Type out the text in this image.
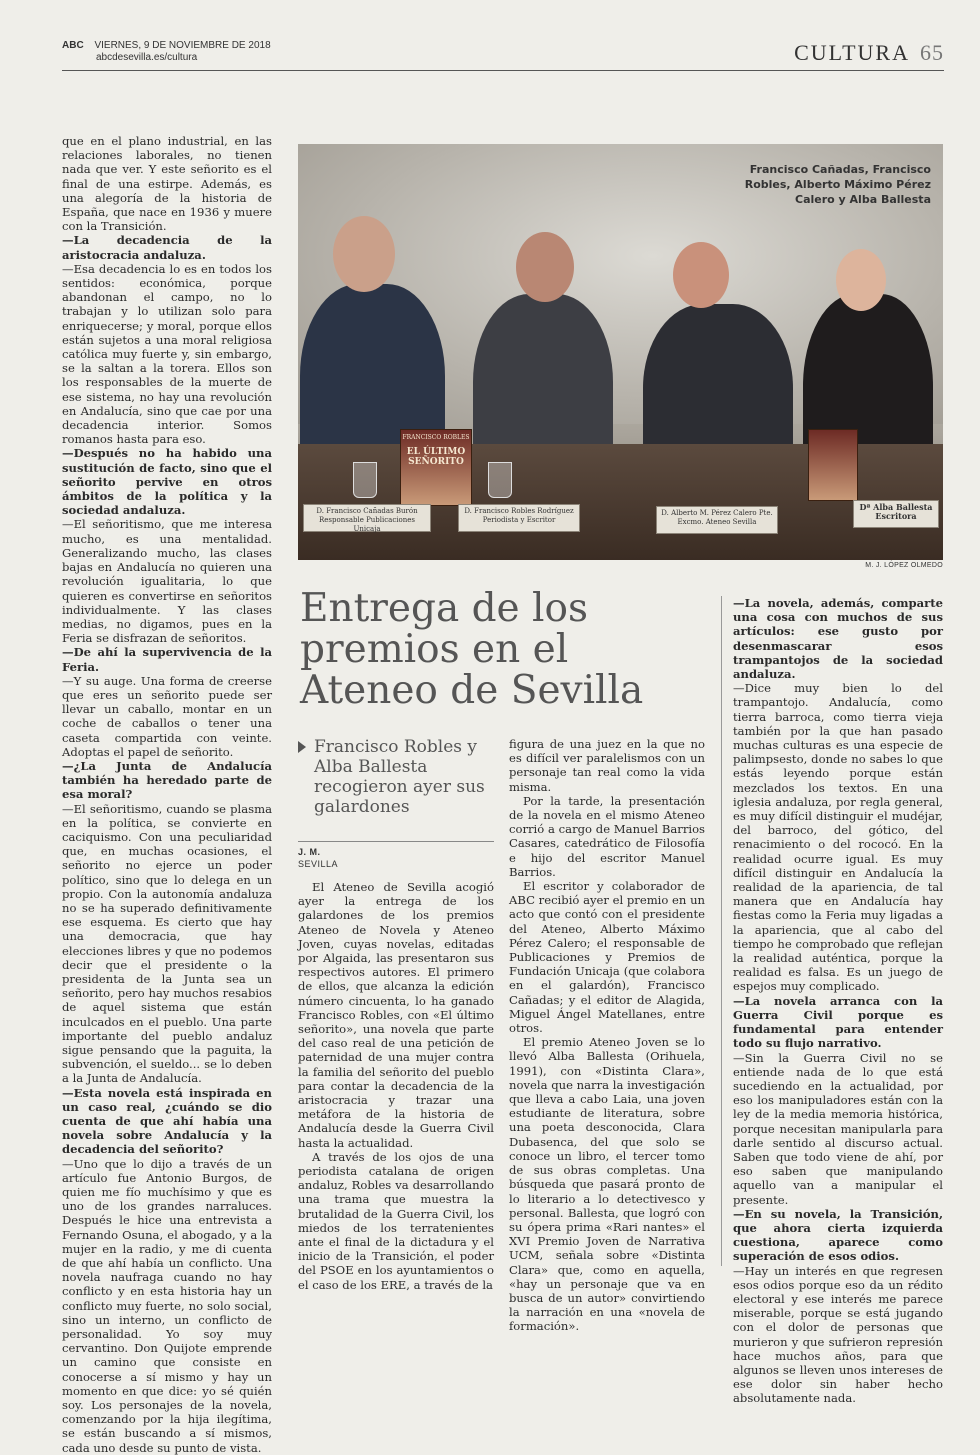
ABC VIERNES, 9 DE NOVIEMBRE DE 2018
abcdesevilla.es/cultura	CULTURA 65

que en el plano industrial, en las relaciones laborales, no tienen nada que ver. Y este señorito es el final de una estirpe. Además, es una alegoría de la historia de España, que nace en 1936 y muere con la Transición.

—La decadencia de la aristocracia andaluza.

—Esa decadencia lo es en todos los sentidos: económica, porque abandonan el campo, no lo trabajan y lo utilizan solo para enriquecerse; y moral, porque ellos están sujetos a una moral religiosa católica muy fuerte y, sin embargo, se la saltan a la torera. Ellos son los responsables de la muerte de ese sistema, no hay una revolución en Andalucía, sino que cae por una decadencia interior. Somos romanos hasta para eso.

—Después no ha habido una sustitución de facto, sino que el señorito pervive en otros ámbitos de la política y la sociedad andaluza.

—El señoritismo, que me interesa mucho, es una mentalidad. Generalizando mucho, las clases bajas en Andalucía no quieren una revolución igualitaria, lo que quieren es convertirse en señoritos individualmente. Y las clases medias, no digamos, pues en la Feria se disfrazan de señoritos.

—De ahí la supervivencia de la Feria.

—Y su auge. Una forma de creerse que eres un señorito puede ser llevar un caballo, montar en un coche de caballos o tener una caseta compartida con veinte. Adoptas el papel de señorito.

—¿La Junta de Andalucía también ha heredado parte de esa moral?

—El señoritismo, cuando se plasma en la política, se convierte en caciquismo. Con una peculiaridad que, en muchas ocasiones, el señorito no ejerce un poder político, sino que lo delega en un propio. Con la autonomía andaluza no se ha superado definitivamente ese esquema. Es cierto que hay una democracia, que hay elecciones libres y que no podemos decir que el presidente o la presidenta de la Junta sea un señorito, pero hay muchos resabios de aquel sistema que están inculcados en el pueblo. Una parte importante del pueblo andaluz sigue pensando que la paguita, la subvención, el sueldo... se lo deben a la Junta de Andalucía.

—Esta novela está inspirada en un caso real, ¿cuándo se dio cuenta de que ahí había una novela sobre Andalucía y la decadencia del señorito?

—Uno que lo dijo a través de un artículo fue Antonio Burgos, de quien me fío muchísimo y que es uno de los grandes narraluces. Después le hice una entrevista a Fernando Osuna, el abogado, y a la mujer en la radio, y me di cuenta de que ahí había un conflicto. Una novela naufraga cuando no hay conflicto y en esta historia hay un conflicto muy fuerte, no solo social, sino un interno, un conflicto de personalidad. Yo soy muy cervantino. Don Quijote emprende un camino que consiste en conocerse a sí mismo y hay un momento en que dice: yo sé quién soy. Los personajes de la novela, comenzando por la hija ilegítima, se están buscando a sí mismos, cada uno desde su punto de vista.

FRANCISCO ROBLES
EL ÚLTIMO SEÑORITO
D. Francisco Cañadas Burón Responsable Publicaciones Unicaja
D. Francisco Robles Rodríguez Periodista y Escritor
D. Alberto M. Pérez Calero Pte. Excmo. Ateneo Sevilla
Dª Alba Ballesta Escritora
Francisco Cañadas, Francisco Robles, Alberto Máximo Pérez Calero y Alba Ballesta
M. J. LÓPEZ OLMEDO
Entrega de los premios en el Ateneo de Sevilla
Francisco Robles y Alba Ballesta recogieron ayer sus galardones
J. M.
SEVILLA

El Ateneo de Sevilla acogió ayer la entrega de los galardones de los premios Ateneo de Novela y Ateneo Joven, cuyas novelas, editadas por Algaida, las presentaron sus respectivos autores. El primero de ellos, que alcanza la edición número cincuenta, lo ha ganado Francisco Robles, con «El último señorito», una novela que parte del caso real de una petición de paternidad de una mujer contra la familia del señorito del pueblo para contar la decadencia de la aristocracia y trazar una metáfora de la historia de Andalucía desde la Guerra Civil hasta la actualidad.

A través de los ojos de una periodista catalana de origen andaluz, Robles va desarrollando una trama que muestra la brutalidad de la Guerra Civil, los miedos de los terratenientes ante el final de la dictadura y el inicio de la Transición, el poder del PSOE en los ayuntamientos o el caso de los ERE, a través de la

figura de una juez en la que no es difícil ver paralelismos con un personaje tan real como la vida misma.

Por la tarde, la presentación de la novela en el mismo Ateneo corrió a cargo de Manuel Barrios Casares, catedrático de Filosofía e hijo del escritor Manuel Barrios.

El escritor y colaborador de ABC recibió ayer el premio en un acto que contó con el presidente del Ateneo, Alberto Máximo Pérez Calero; el responsable de Publicaciones y Premios de Fundación Unicaja (que colabora en el galardón), Francisco Cañadas; y el editor de Alagida, Miguel Ángel Matellanes, entre otros.

El premio Ateneo Joven se lo llevó Alba Ballesta (Orihuela, 1991), con «Distinta Clara», novela que narra la investigación que lleva a cabo Laia, una joven estudiante de literatura, sobre una poeta desconocida, Clara Dubasenca, del que solo se conoce un libro, el tercer tomo de sus obras completas. Una búsqueda que pasará pronto de lo literario a lo detectivesco y personal. Ballesta, que logró con su ópera prima «Rari nantes» el XVI Premio Joven de Narrativa UCM, señala sobre «Distinta Clara» que, como en aquella, «hay un personaje que va en busca de un autor» convirtiendo la narración en una «novela de formación».

—La novela, además, comparte una cosa con muchos de sus artículos: ese gusto por desenmascarar esos trampantojos de la sociedad andaluza.

—Dice muy bien lo del trampantojo. Andalucía, como tierra barroca, como tierra vieja también por la que han pasado muchas culturas es una especie de palimpsesto, donde no sabes lo que estás leyendo porque están mezclados los textos. En una iglesia andaluza, por regla general, es muy difícil distinguir el mudéjar, del barroco, del gótico, del renacimiento o del rococó. En la realidad ocurre igual. Es muy difícil distinguir en Andalucía la realidad de la apariencia, de tal manera que en Andalucía hay fiestas como la Feria muy ligadas a la apariencia, que al cabo del tiempo he comprobado que reflejan la realidad auténtica, porque la realidad es falsa. Es un juego de espejos muy complicado.

—La novela arranca con la Guerra Civil porque es fundamental para entender todo su flujo narrativo.

—Sin la Guerra Civil no se entiende nada de lo que está sucediendo en la actualidad, por eso los manipuladores están con la ley de la media memoria histórica, porque necesitan manipularla para darle sentido al discurso actual. Saben que todo viene de ahí, por eso saben que manipulando aquello van a manipular el presente.

—En su novela, la Transición, que ahora cierta izquierda cuestiona, aparece como superación de esos odios.

—Hay un interés en que regresen esos odios porque eso da un rédito electoral y ese interés me parece miserable, porque se está jugando con el dolor de personas que murieron y que sufrieron represión hace muchos años, para que algunos se lleven unos intereses de ese dolor sin haber hecho absolutamente nada.
